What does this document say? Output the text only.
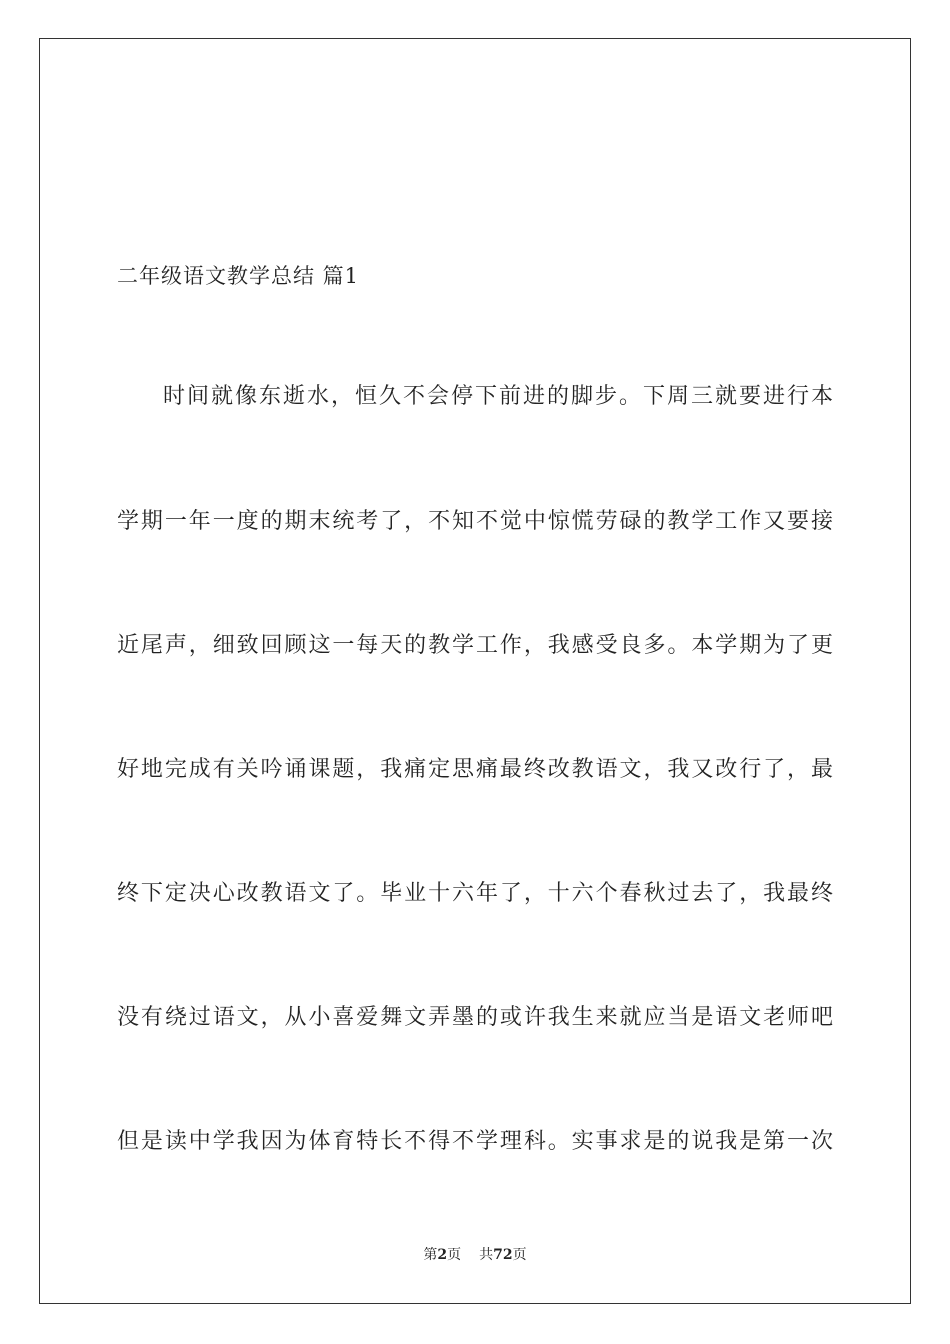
二年级语文教学总结 篇1
时间就像东逝水，恒久不会停下前进的脚步。下周三就要进行本
学期一年一度的期末统考了，不知不觉中惊慌劳碌的教学工作又要接
近尾声，细致回顾这一每天的教学工作，我感受良多。本学期为了更
好地完成有关吟诵课题，我痛定思痛最终改教语文，我又改行了，最
终下定决心改教语文了。毕业十六年了，十六个春秋过去了，我最终
没有绕过语文，从小喜爱舞文弄墨的或许我生来就应当是语文老师吧
但是读中学我因为体育特长不得不学理科。实事求是的说我是第一次
第2页 共72页
